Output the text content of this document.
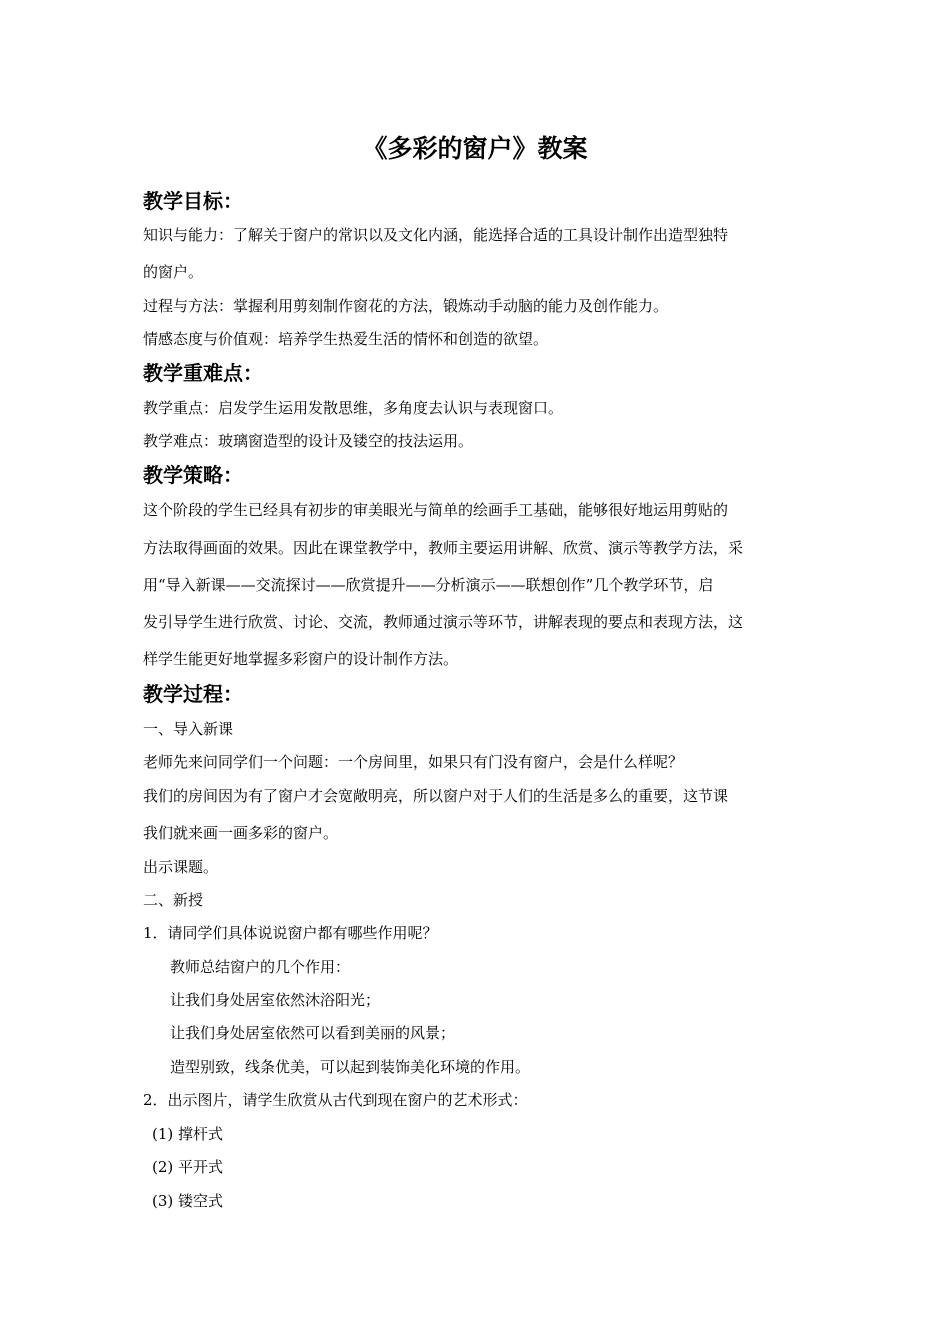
《多彩的窗户》教案
教学目标：
知识与能力：了解关于窗户的常识以及文化内涵，能选择合适的工具设计制作出造型独特
的窗户。
过程与方法：掌握利用剪刻制作窗花的方法，锻炼动手动脑的能力及创作能力。
情感态度与价值观：培养学生热爱生活的情怀和创造的欲望。
教学重难点：
教学重点：启发学生运用发散思维，多角度去认识与表现窗口。
教学难点：玻璃窗造型的设计及镂空的技法运用。
教学策略：
这个阶段的学生已经具有初步的审美眼光与简单的绘画手工基础，能够很好地运用剪贴的
方法取得画面的效果。因此在课堂教学中，教师主要运用讲解、欣赏、演示等教学方法，采
用“导入新课——交流探讨——欣赏提升——分析演示——联想创作”几个教学环节，启
发引导学生进行欣赏、讨论、交流，教师通过演示等环节，讲解表现的要点和表现方法，这
样学生能更好地掌握多彩窗户的设计制作方法。
教学过程：
一、导入新课
老师先来问同学们一个问题：一个房间里，如果只有门没有窗户，会是什么样呢？
我们的房间因为有了窗户才会宽敞明亮，所以窗户对于人们的生活是多么的重要，这节课
我们就来画一画多彩的窗户。
出示课题。
二、新授
1．请同学们具体说说窗户都有哪些作用呢？
教师总结窗户的几个作用：
让我们身处居室依然沐浴阳光；
让我们身处居室依然可以看到美丽的风景；
造型别致，线条优美，可以起到装饰美化环境的作用。
2．出示图片，请学生欣赏从古代到现在窗户的艺术形式：
(1) 撑杆式
(2) 平开式
(3) 镂空式
